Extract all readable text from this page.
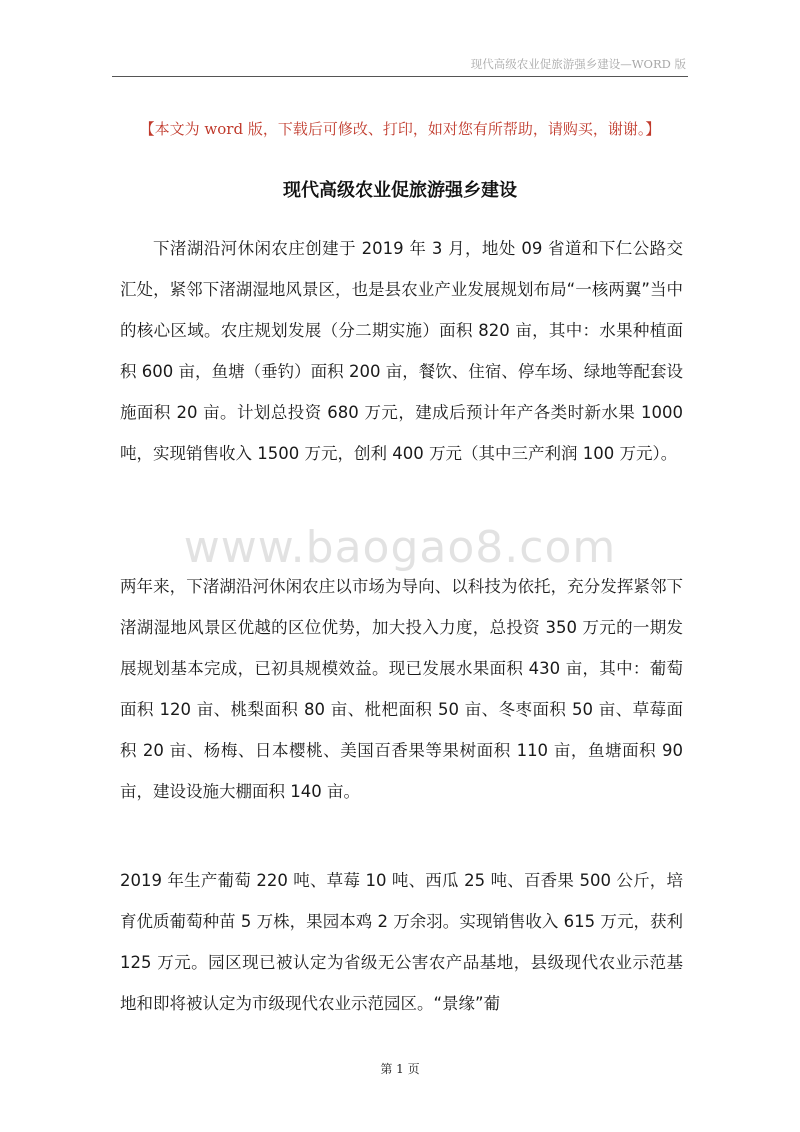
现代高级农业促旅游强乡建设—WORD 版
【本文为 word 版，下载后可修改、打印，如对您有所帮助，请购买，谢谢。】
现代高级农业促旅游强乡建设

下渚湖沿河休闲农庄创建于 2019 年 3 月，地处 09 省道和下仁公路交汇处，紧邻下渚湖湿地风景区，也是县农业产业发展规划布局“一核两翼”当中的核心区域。农庄规划发展（分二期实施）面积 820 亩，其中：水果种植面积 600 亩，鱼塘（垂钓）面积 200 亩，餐饮、住宿、停车场、绿地等配套设施面积 20 亩。计划总投资 680 万元，建成后预计年产各类时新水果 1000 吨，实现销售收入 1500 万元，创利 400 万元（其中三产利润 100 万元）。

www.baogao8.com

两年来，下渚湖沿河休闲农庄以市场为导向、以科技为依托，充分发挥紧邻下渚湖湿地风景区优越的区位优势，加大投入力度，总投资 350 万元的一期发展规划基本完成，已初具规模效益。现已发展水果面积 430 亩，其中：葡萄面积 120 亩、桃梨面积 80 亩、枇杷面积 50 亩、冬枣面积 50 亩、草莓面积 20 亩、杨梅、日本樱桃、美国百香果等果树面积 110 亩，鱼塘面积 90 亩，建设设施大棚面积 140 亩。

2019 年生产葡萄 220 吨、草莓 10 吨、西瓜 25 吨、百香果 500 公斤，培育优质葡萄种苗 5 万株，果园本鸡 2 万余羽。实现销售收入 615 万元，获利 125 万元。园区现已被认定为省级无公害农产品基地，县级现代农业示范基地和即将被认定为市级现代农业示范园区。“景缘”葡

第 1 页
